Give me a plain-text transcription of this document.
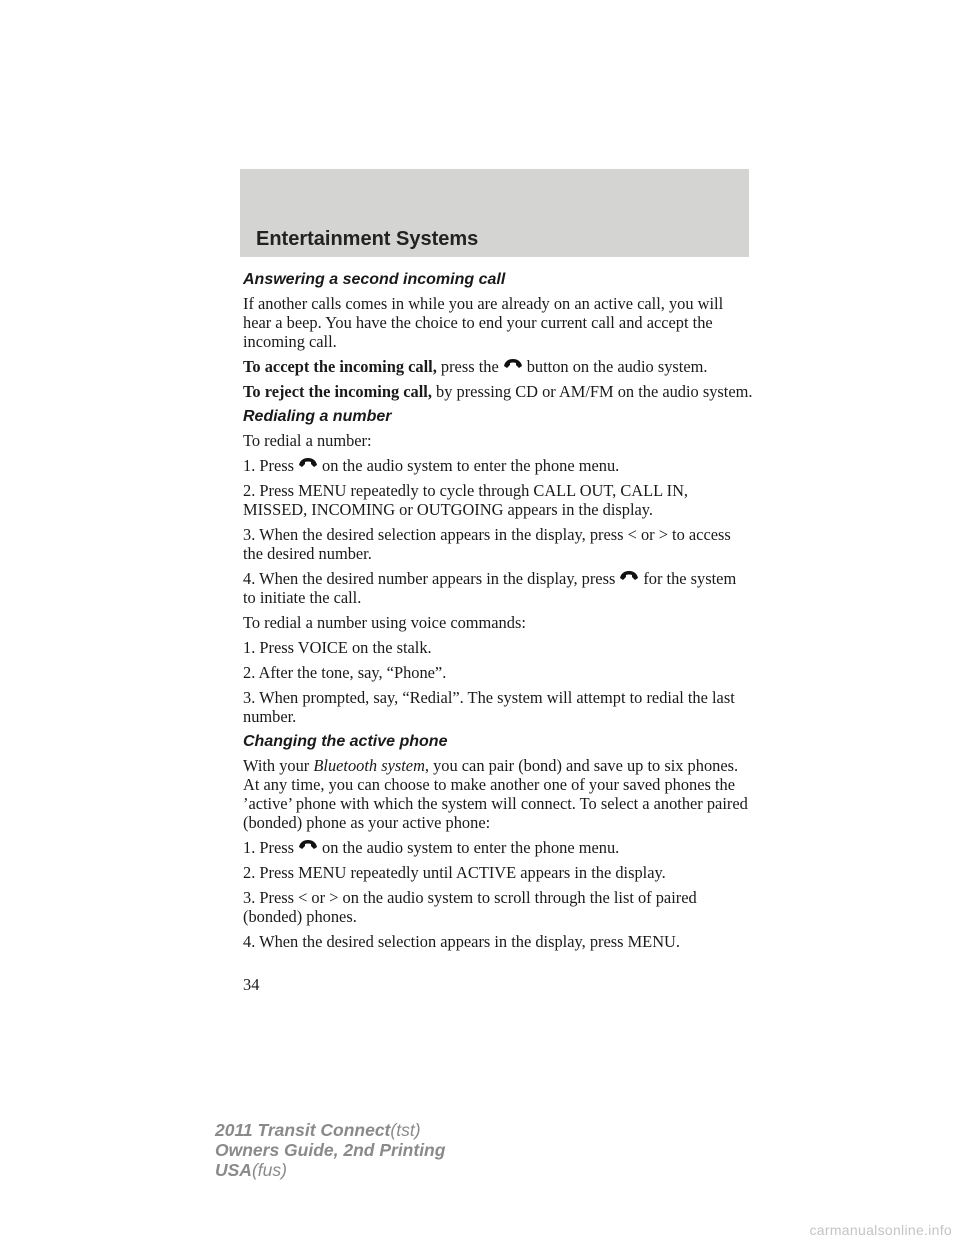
Entertainment Systems
Answering a second incoming call

If another calls comes in while you are already on an active call, you will hear a beep. You have the choice to end your current call and accept the incoming call.

To accept the incoming call, press the button on the audio system.

To reject the incoming call, by pressing CD or AM/FM on the audio system.

Redialing a number

To redial a number:

1. Press on the audio system to enter the phone menu.

2. Press MENU repeatedly to cycle through CALL OUT, CALL IN, MISSED, INCOMING or OUTGOING appears in the display.

3. When the desired selection appears in the display, press < or > to access the desired number.

4. When the desired number appears in the display, press for the system to initiate the call.

To redial a number using voice commands:

1. Press VOICE on the stalk.

2. After the tone, say, “Phone”.

3. When prompted, say, “Redial”. The system will attempt to redial the last number.

Changing the active phone

With your Bluetooth system, you can pair (bond) and save up to six phones. At any time, you can choose to make another one of your saved phones the ’active’ phone with which the system will connect. To select a another paired (bonded) phone as your active phone:

1. Press on the audio system to enter the phone menu.

2. Press MENU repeatedly until ACTIVE appears in the display.

3. Press < or > on the audio system to scroll through the list of paired (bonded) phones.

4. When the desired selection appears in the display, press MENU.

34
2011 Transit Connect(tst)
Owners Guide, 2nd Printing
USA(fus)
carmanualsonline.info
